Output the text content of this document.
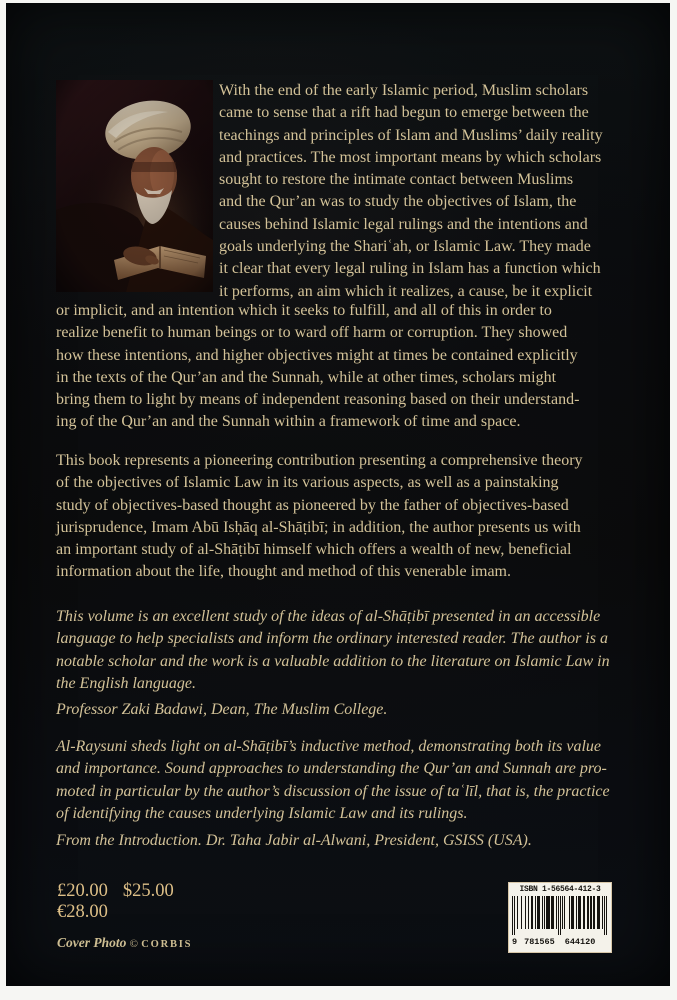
With the end of the early Islamic period, Muslim scholars
came to sense that a rift had begun to emerge between the
teachings and principles of Islam and Muslims’ daily reality
and practices. The most important means by which scholars
sought to restore the intimate contact between Muslims
and the Qur’an was to study the objectives of Islam, the
causes behind Islamic legal rulings and the intentions and
goals underlying the Shariʿah, or Islamic Law. They made
it clear that every legal ruling in Islam has a function which
it performs, an aim which it realizes, a cause, be it explicit
or implicit, and an intention which it seeks to fulfill, and all of this in order to
realize benefit to human beings or to ward off harm or corruption. They showed
how these intentions, and higher objectives might at times be contained explicitly
in the texts of the Qur’an and the Sunnah, while at other times, scholars might
bring them to light by means of independent reasoning based on their understand-
ing of the Qur’an and the Sunnah within a framework of time and space.
This book represents a pioneering contribution presenting a comprehensive theory
of the objectives of Islamic Law in its various aspects, as well as a painstaking
study of objectives-based thought as pioneered by the father of objectives-based
jurisprudence, Imam Abū Isḥāq al-Shāṭibī; in addition, the author presents us with
an important study of al-Shāṭibī himself which offers a wealth of new, beneficial
information about the life, thought and method of this venerable imam.
This volume is an excellent study of the ideas of al-Shāṭibī presented in an accessible
language to help specialists and inform the ordinary interested reader. The author is a
notable scholar and the work is a valuable addition to the literature on Islamic Law in
the English language.
Professor Zaki Badawi, Dean, The Muslim College.
Al-Raysuni sheds light on al-Shāṭibī’s inductive method, demonstrating both its value
and importance. Sound approaches to understanding the Qur’an and Sunnah are pro-
moted in particular by the author’s discussion of the issue of taʿlīl, that is, the practice
of identifying the causes underlying Islamic Law and its rulings.
From the Introduction. Dr. Taha Jabir al-Alwani, President, GSISS (USA).
£20.00 $25.00
€28.00
Cover Photo © CORBIS
ISBN 1-56564-412-3
9 781565 644120
